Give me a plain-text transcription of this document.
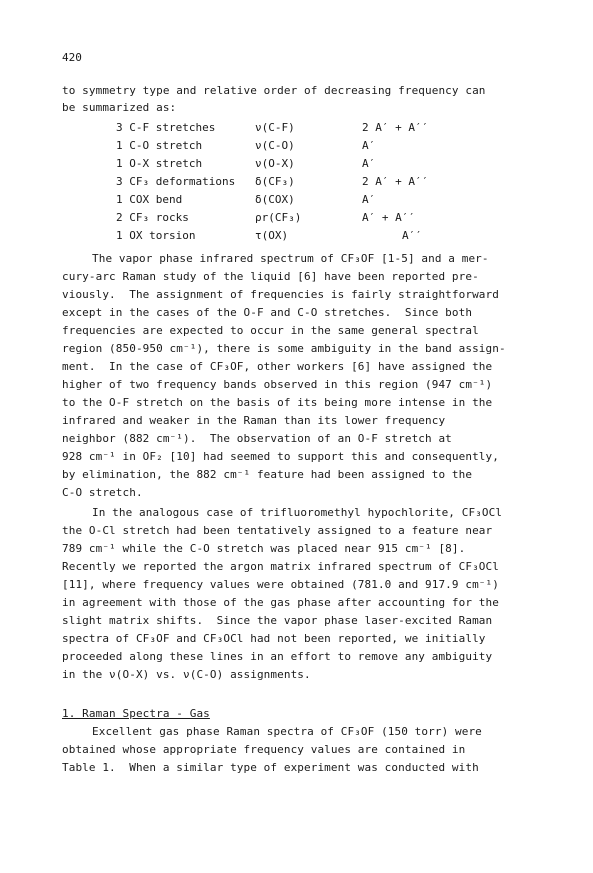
420
to symmetry type and relative order of decreasing frequency can
be summarized as:
3 C-F stretches	ν(C-F)	2 A′ + A′′
1 C-O stretch	ν(C-O)	A′
1 O-X stretch	ν(O-X)	A′
3 CF₃ deformations δ(CF₃)	2 A′ + A′′
1 COX bend	δ(COX)	A′
2 CF₃ rocks	ρr(CF₃)	A′ + A′′
1 OX torsion	τ(OX)	A′′
The vapor phase infrared spectrum of CF₃OF [1-5] and a mer-
cury-arc Raman study of the liquid [6] have been reported pre-
viously.  The assignment of frequencies is fairly straightforward
except in the cases of the O-F and C-O stretches.  Since both
frequencies are expected to occur in the same general spectral
region (850-950 cm⁻¹), there is some ambiguity in the band assign-
ment.  In the case of CF₃OF, other workers [6] have assigned the
higher of two frequency bands observed in this region (947 cm⁻¹)
to the O-F stretch on the basis of its being more intense in the
infrared and weaker in the Raman than its lower frequency
neighbor (882 cm⁻¹).  The observation of an O-F stretch at
928 cm⁻¹ in OF₂ [10] had seemed to support this and consequently,
by elimination, the 882 cm⁻¹ feature had been assigned to the
C-O stretch.
In the analogous case of trifluoromethyl hypochlorite, CF₃OCl
the O-Cl stretch had been tentatively assigned to a feature near
789 cm⁻¹ while the C-O stretch was placed near 915 cm⁻¹ [8].
Recently we reported the argon matrix infrared spectrum of CF₃OCl
[11], where frequency values were obtained (781.0 and 917.9 cm⁻¹)
in agreement with those of the gas phase after accounting for the
slight matrix shifts.  Since the vapor phase laser-excited Raman
spectra of CF₃OF and CF₃OCl had not been reported, we initially
proceeded along these lines in an effort to remove any ambiguity
in the ν(O-X) vs. ν(C-O) assignments.
1. Raman Spectra - Gas
Excellent gas phase Raman spectra of CF₃OF (150 torr) were
obtained whose appropriate frequency values are contained in
Table 1.  When a similar type of experiment was conducted with
